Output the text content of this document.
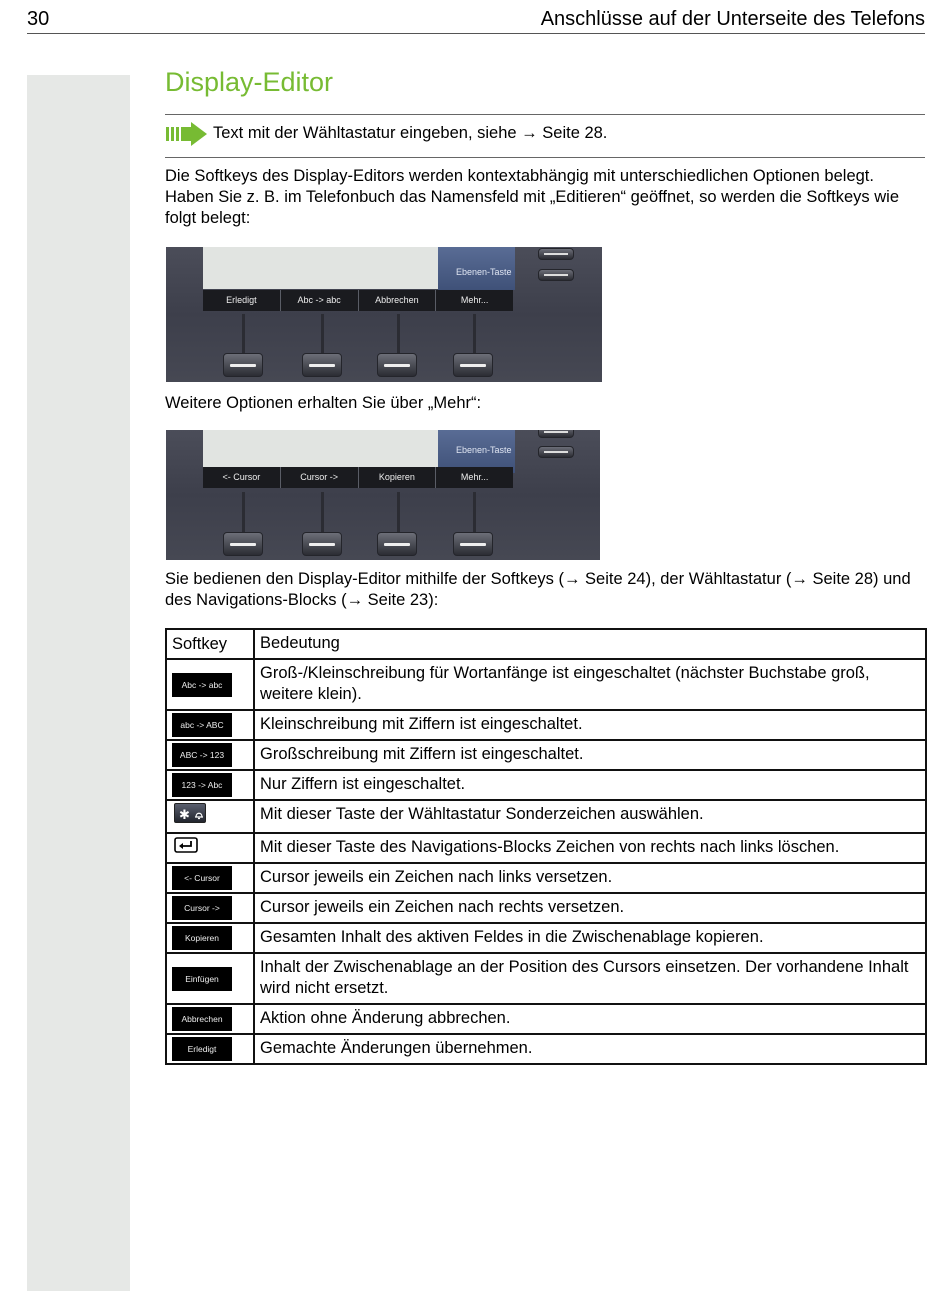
30	Anschlüsse auf der Unterseite des Telefons
Display-Editor
Text mit der Wähltastatur eingeben, siehe → Seite 28.
Die Softkeys des Display-Editors werden kontextabhängig mit unterschiedlichen Optionen belegt. Haben Sie z. B. im Telefonbuch das Namensfeld mit „Editieren“ geöffnet, so werden die Softkeys wie folgt belegt:
Ebenen-Taste
Erledigt	Abc -> abc	Abbrechen	Mehr...
Weitere Optionen erhalten Sie über „Mehr“:
Ebenen-Taste
<- Cursor	Cursor ->	Kopieren	Mehr...
Sie bedienen den Display-Editor mithilfe der Softkeys (→ Seite 24), der Wähltastatur (→ Seite 28) und des Navigations-Blocks (→ Seite 23):
Softkey	Bedeutung
Abc -> abc	Groß-/Kleinschreibung für Wortanfänge ist eingeschaltet (nächster Buchstabe groß, weitere klein).
abc -> ABC	Kleinschreibung mit Ziffern ist eingeschaltet.
ABC -> 123	Großschreibung mit Ziffern ist eingeschaltet.
123 -> Abc	Nur Ziffern ist eingeschaltet.

✱	Mit dieser Taste der Wähltastatur Sonderzeichen auswählen.
	Mit dieser Taste des Navigations-Blocks Zeichen von rechts nach links löschen.
<- Cursor	Cursor jeweils ein Zeichen nach links versetzen.
Cursor ->	Cursor jeweils ein Zeichen nach rechts versetzen.
Kopieren	Gesamten Inhalt des aktiven Feldes in die Zwischenablage kopieren.
Einfügen	Inhalt der Zwischenablage an der Position des Cursors einsetzen. Der vorhandene Inhalt wird nicht ersetzt.
Abbrechen	Aktion ohne Änderung abbrechen.
Erledigt	Gemachte Änderungen übernehmen.
